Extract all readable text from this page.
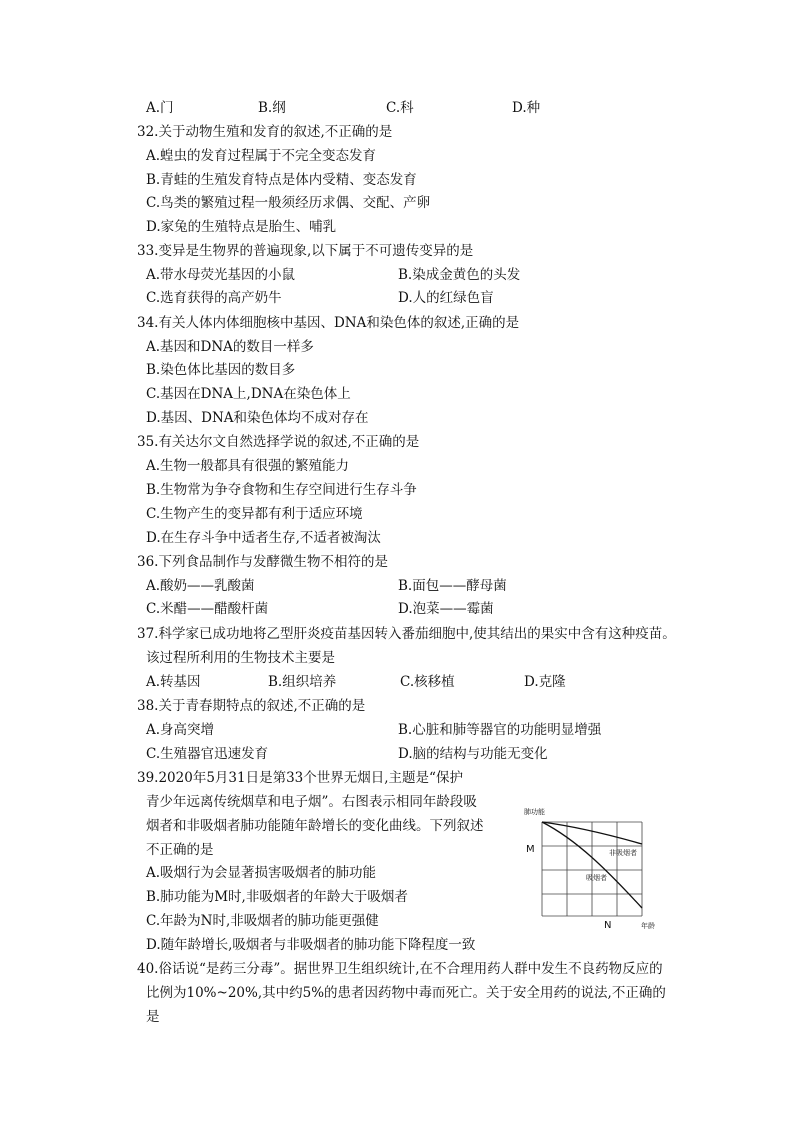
A.门	B.纲	C.科	D.种
32.关于动物生殖和发育的叙述,不正确的是
A.蝗虫的发育过程属于不完全变态发育
B.青蛙的生殖发育特点是体内受精、变态发育
C.鸟类的繁殖过程一般须经历求偶、交配、产卵
D.家兔的生殖特点是胎生、哺乳
33.变异是生物界的普遍现象,以下属于不可遗传变异的是
A.带水母荧光基因的小鼠	B.染成金黄色的头发
C.选育获得的高产奶牛	D.人的红绿色盲
34.有关人体内体细胞核中基因、DNA和染色体的叙述,正确的是
A.基因和DNA的数目一样多
B.染色体比基因的数目多
C.基因在DNA上,DNA在染色体上
D.基因、DNA和染色体均不成对存在
35.有关达尔文自然选择学说的叙述,不正确的是
A.生物一般都具有很强的繁殖能力
B.生物常为争夺食物和生存空间进行生存斗争
C.生物产生的变异都有利于适应环境
D.在生存斗争中适者生存,不适者被淘汰
36.下列食品制作与发酵微生物不相符的是
A.酸奶——乳酸菌	B.面包——酵母菌
C.米醋——醋酸杆菌	D.泡菜——霉菌
37.科学家已成功地将乙型肝炎疫苗基因转入番茄细胞中,使其结出的果实中含有这种疫苗。
该过程所利用的生物技术主要是
A.转基因	B.组织培养	C.核移植	D.克隆
38.关于青春期特点的叙述,不正确的是
A.身高突增	B.心脏和肺等器官的功能明显增强
C.生殖器官迅速发育	D.脑的结构与功能无变化
39.2020年5月31日是第33个世界无烟日,主题是“保护
青少年远离传统烟草和电子烟”。右图表示相同年龄段吸
烟者和非吸烟者肺功能随年龄增长的变化曲线。下列叙述
不正确的是
A.吸烟行为会显著损害吸烟者的肺功能
B.肺功能为M时,非吸烟者的年龄大于吸烟者
C.年龄为N时,非吸烟者的肺功能更强健
D.随年龄增长,吸烟者与非吸烟者的肺功能下降程度一致
肺功能
M
N	年龄
非吸烟者
吸烟者
40.俗话说“是药三分毒”。据世界卫生组织统计,在不合理用药人群中发生不良药物反应的
比例为10%~20%,其中约5%的患者因药物中毒而死亡。关于安全用药的说法,不正确的
是
